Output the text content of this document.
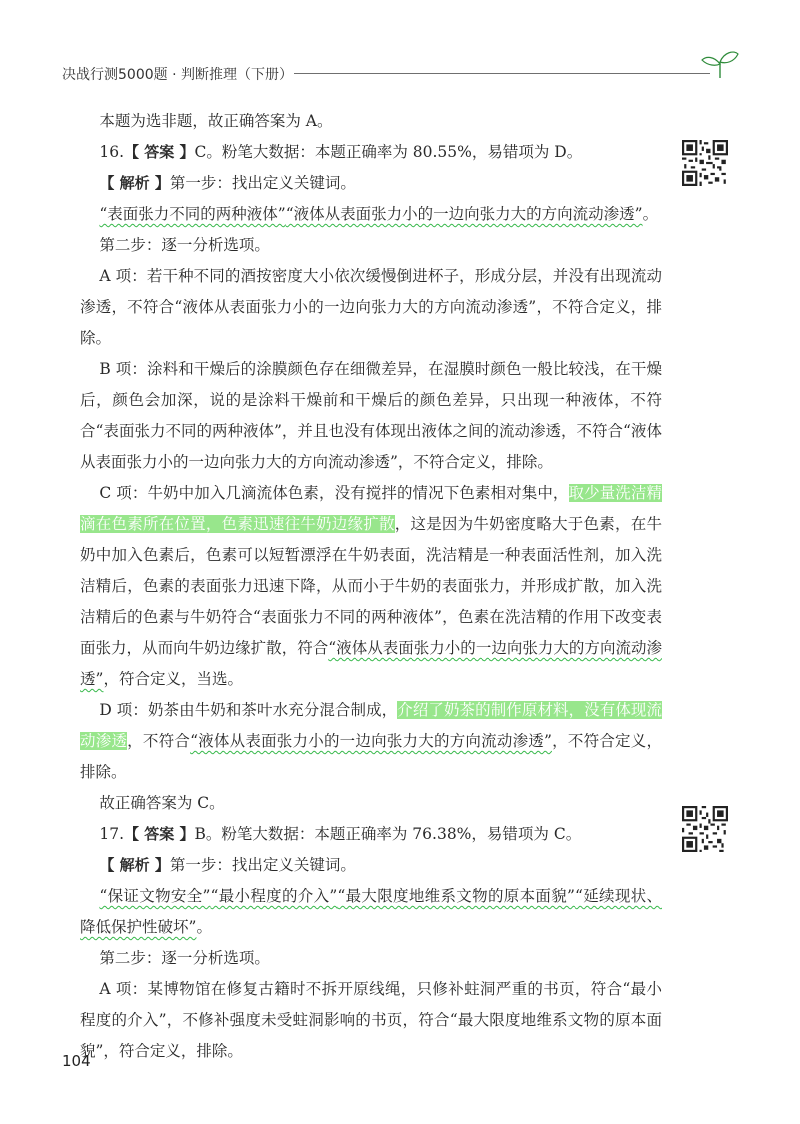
决战行测5000题 · 判断推理（下册）

本题为选非题，故正确答案为 A。

16.【 答案 】C。粉笔大数据：本题正确率为 80.55%，易错项为 D。

【 解析 】第一步：找出定义关键词。

“表面张力不同的两种液体”“液体从表面张力小的一边向张力大的方向流动渗透”。

第二步：逐一分析选项。

A 项：若干种不同的酒按密度大小依次缓慢倒进杯子，形成分层，并没有出现流动渗透，不符合“液体从表面张力小的一边向张力大的方向流动渗透”，不符合定义，排除。

B 项：涂料和干燥后的涂膜颜色存在细微差异，在湿膜时颜色一般比较浅，在干燥后，颜色会加深，说的是涂料干燥前和干燥后的颜色差异，只出现一种液体，不符合“表面张力不同的两种液体”，并且也没有体现出液体之间的流动渗透，不符合“液体从表面张力小的一边向张力大的方向流动渗透”，不符合定义，排除。

C 项：牛奶中加入几滴流体色素，没有搅拌的情况下色素相对集中，取少量洗洁精滴在色素所在位置，色素迅速往牛奶边缘扩散，这是因为牛奶密度略大于色素，在牛奶中加入色素后，色素可以短暂漂浮在牛奶表面，洗洁精是一种表面活性剂，加入洗洁精后，色素的表面张力迅速下降，从而小于牛奶的表面张力，并形成扩散，加入洗洁精后的色素与牛奶符合“表面张力不同的两种液体”，色素在洗洁精的作用下改变表面张力，从而向牛奶边缘扩散，符合“液体从表面张力小的一边向张力大的方向流动渗透”，符合定义，当选。

D 项：奶茶由牛奶和茶叶水充分混合制成，介绍了奶茶的制作原材料，没有体现流动渗透，不符合“液体从表面张力小的一边向张力大的方向流动渗透”，不符合定义，排除。

故正确答案为 C。

17.【 答案 】B。粉笔大数据：本题正确率为 76.38%，易错项为 C。

【 解析 】第一步：找出定义关键词。

“保证文物安全”“最小程度的介入”“最大限度地维系文物的原本面貌”“延续现状、降低保护性破坏”。

第二步：逐一分析选项。

A 项：某博物馆在修复古籍时不拆开原线绳，只修补蛀洞严重的书页，符合“最小程度的介入”，不修补强度未受蛀洞影响的书页，符合“最大限度地维系文物的原本面貌”，符合定义，排除。

104
